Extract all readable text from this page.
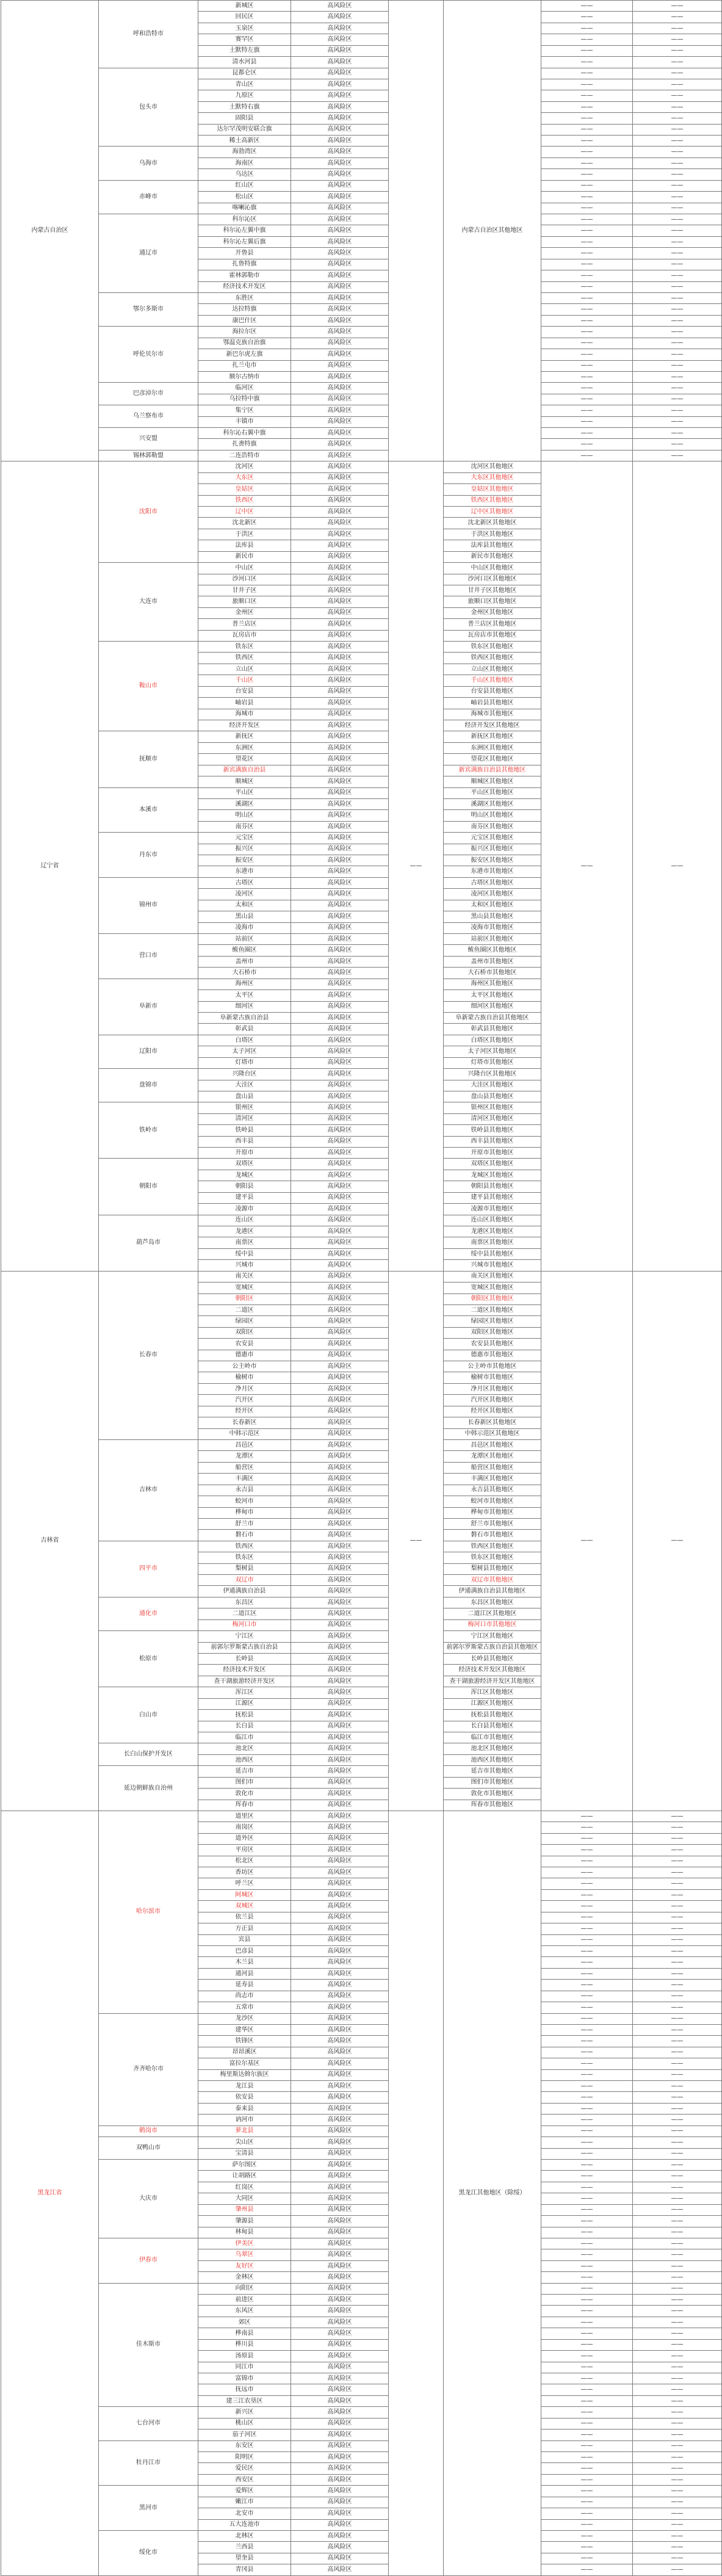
内蒙古自治区	呼和浩特市	新城区	高风险区		内蒙古自治区其他地区	——	——
		回民区	高风险区			——	——
		玉泉区	高风险区			——	——
		赛罕区	高风险区			——	——
		土默特左旗	高风险区			——	——
		清水河县	高风险区			——	——
	包头市	昆都仑区	高风险区			——	——
		青山区	高风险区			——	——
		九原区	高风险区			——	——
		土默特右旗	高风险区			——	——
		固阳县	高风险区			——	——
		达尔罕茂明安联合旗	高风险区			——	——
		稀土高新区	高风险区			——	——
	乌海市	海勃湾区	高风险区			——	——
		海南区	高风险区			——	——
		乌达区	高风险区			——	——
	赤峰市	红山区	高风险区			——	——
		松山区	高风险区			——	——
		喀喇沁旗	高风险区			——	——
	通辽市	科尔沁区	高风险区			——	——
		科尔沁左翼中旗	高风险区			——	——
		科尔沁左翼后旗	高风险区			——	——
		开鲁县	高风险区			——	——
		扎鲁特旗	高风险区			——	——
		霍林郭勒市	高风险区			——	——
		经济技术开发区	高风险区			——	——
	鄂尔多斯市	东胜区	高风险区			——	——
		达拉特旗	高风险区			——	——
		康巴什区	高风险区			——	——
	呼伦贝尔市	海拉尔区	高风险区			——	——
		鄂温克族自治旗	高风险区			——	——
		新巴尔虎左旗	高风险区			——	——
		扎兰屯市	高风险区			——	——
		额尔古纳市	高风险区			——	——
	巴彦淖尔市	临河区	高风险区			——	——
		乌拉特中旗	高风险区			——	——
	乌兰察布市	集宁区	高风险区			——	——
		丰镇市	高风险区			——	——
	兴安盟	科尔沁右翼中旗	高风险区			——	——
		扎赉特旗	高风险区			——	——
	锡林郭勒盟	二连浩特市	高风险区			——	——
辽宁省	沈阳市	沈河区	高风险区	——	沈河区其他地区	——	——
		大东区	高风险区		大东区其他地区		
		皇姑区	高风险区		皇姑区其他地区		
		铁西区	高风险区		铁西区其他地区		
		辽中区	高风险区		辽中区其他地区		
		沈北新区	高风险区		沈北新区其他地区		
		于洪区	高风险区		于洪区其他地区		
		法库县	高风险区		法库县其他地区		
		新民市	高风险区		新民市其他地区		
	大连市	中山区	高风险区		中山区其他地区		
		沙河口区	高风险区		沙河口区其他地区		
		甘井子区	高风险区		甘井子区其他地区		
		旅顺口区	高风险区		旅顺口区其他地区		
		金州区	高风险区		金州区其他地区		
		普兰店区	高风险区		普兰店区其他地区		
		瓦房店市	高风险区		瓦房店市其他地区		
	鞍山市	铁东区	高风险区		铁东区其他地区		
		铁西区	高风险区		铁西区其他地区		
		立山区	高风险区		立山区其他地区		
		千山区	高风险区		千山区其他地区		
		台安县	高风险区		台安县其他地区		
		岫岩县	高风险区		岫岩县其他地区		
		海城市	高风险区		海城市其他地区		
		经济开发区	高风险区		经济开发区其他地区		
	抚顺市	新抚区	高风险区		新抚区其他地区		
		东洲区	高风险区		东洲区其他地区		
		望花区	高风险区		望花区其他地区		
		新宾满族自治县	高风险区		新宾满族自治县其他地区		
		顺城区	高风险区		顺城区其他地区		
	本溪市	平山区	高风险区		平山区其他地区		
		溪湖区	高风险区		溪湖区其他地区		
		明山区	高风险区		明山区其他地区		
		南芬区	高风险区		南芬区其他地区		
	丹东市	元宝区	高风险区		元宝区其他地区		
		振兴区	高风险区		振兴区其他地区		
		振安区	高风险区		振安区其他地区		
		东港市	高风险区		东港市其他地区		
	锦州市	古塔区	高风险区		古塔区其他地区		
		凌河区	高风险区		凌河区其他地区		
		太和区	高风险区		太和区其他地区		
		黑山县	高风险区		黑山县其他地区		
		凌海市	高风险区		凌海市其他地区		
	营口市	站前区	高风险区		站前区其他地区		
		鲅鱼圈区	高风险区		鲅鱼圈区其他地区		
		盖州市	高风险区		盖州市其他地区		
		大石桥市	高风险区		大石桥市其他地区		
	阜新市	海州区	高风险区		海州区其他地区		
		太平区	高风险区		太平区其他地区		
		细河区	高风险区		细河区其他地区		
		阜新蒙古族自治县	高风险区		阜新蒙古族自治县其他地区		
		彰武县	高风险区		彰武县其他地区		
	辽阳市	白塔区	高风险区		白塔区其他地区		
		太子河区	高风险区		太子河区其他地区		
		灯塔市	高风险区		灯塔市其他地区		
	盘锦市	兴隆台区	高风险区		兴隆台区其他地区		
		大洼区	高风险区		大洼区其他地区		
		盘山县	高风险区		盘山县其他地区		
	铁岭市	银州区	高风险区		银州区其他地区		
		清河区	高风险区		清河区其他地区		
		铁岭县	高风险区		铁岭县其他地区		
		西丰县	高风险区		西丰县其他地区		
		开原市	高风险区		开原市其他地区		
	朝阳市	双塔区	高风险区		双塔区其他地区		
		龙城区	高风险区		龙城区其他地区		
		朝阳县	高风险区		朝阳县其他地区		
		建平县	高风险区		建平县其他地区		
		凌源市	高风险区		凌源市其他地区		
	葫芦岛市	连山区	高风险区		连山区其他地区		
		龙港区	高风险区		龙港区其他地区		
		南票区	高风险区		南票区其他地区		
		绥中县	高风险区		绥中县其他地区		
		兴城市	高风险区		兴城市其他地区		
吉林省	长春市	南关区	高风险区	——	南关区其他地区	——	——
		宽城区	高风险区		宽城区其他地区		
		朝阳区	高风险区		朝阳区其他地区		
		二道区	高风险区		二道区其他地区		
		绿园区	高风险区		绿园区其他地区		
		双阳区	高风险区		双阳区其他地区		
		农安县	高风险区		农安县其他地区		
		德惠市	高风险区		德惠市其他地区		
		公主岭市	高风险区		公主岭市其他地区		
		榆树市	高风险区		榆树市其他地区		
		净月区	高风险区		净月区其他地区		
		汽开区	高风险区		汽开区其他地区		
		经开区	高风险区		经开区其他地区		
		长春新区	高风险区		长春新区其他地区		
		中韩示范区	高风险区		中韩示范区其他地区		
	吉林市	昌邑区	高风险区		昌邑区其他地区		
		龙潭区	高风险区		龙潭区其他地区		
		船营区	高风险区		船营区其他地区		
		丰满区	高风险区		丰满区其他地区		
		永吉县	高风险区		永吉县其他地区		
		蛟河市	高风险区		蛟河市其他地区		
		桦甸市	高风险区		桦甸市其他地区		
		舒兰市	高风险区		舒兰市其他地区		
		磐石市	高风险区		磐石市其他地区		
	四平市	铁西区	高风险区		铁西区其他地区		
		铁东区	高风险区		铁东区其他地区		
		梨树县	高风险区		梨树县其他地区		
		双辽市	高风险区		双辽市其他地区		
		伊通满族自治县	高风险区		伊通满族自治县其他地区		
	通化市	东昌区	高风险区		东昌区其他地区		
		二道江区	高风险区		二道江区其他地区		
		梅河口市	高风险区		梅河口市其他地区		
	松原市	宁江区	高风险区		宁江区其他地区		
		前郭尔罗斯蒙古族自治县	高风险区		前郭尔罗斯蒙古族自治县其他地区		
		长岭县	高风险区		长岭县其他地区		
		经济技术开发区	高风险区		经济技术开发区其他地区		
		查干湖旅游经济开发区	高风险区		查干湖旅游经济开发区其他地区		
	白山市	浑江区	高风险区		浑江区其他地区		
		江源区	高风险区		江源区其他地区		
		抚松县	高风险区		抚松县其他地区		
		长白县	高风险区		长白县其他地区		
		临江市	高风险区		临江市其他地区		
	长白山保护开发区	池北区	高风险区		池北区其他地区		
		池西区	高风险区		池西区其他地区		
	延边朝鲜族自治州	延吉市	高风险区		延吉市其他地区		
		图们市	高风险区		图们市其他地区		
		敦化市	高风险区		敦化市其他地区		
		珲春市	高风险区		珲春市其他地区		
黑龙江省	哈尔滨市	道里区	高风险区		黑龙江其他地区（除绥）	——	——
		南岗区	高风险区			——	——
		道外区	高风险区			——	——
		平房区	高风险区			——	——
		松北区	高风险区			——	——
		香坊区	高风险区			——	——
		呼兰区	高风险区			——	——
		阿城区	高风险区			——	——
		双城区	高风险区			——	——
		依兰县	高风险区			——	——
		方正县	高风险区			——	——
		宾县	高风险区			——	——
		巴彦县	高风险区			——	——
		木兰县	高风险区			——	——
		通河县	高风险区			——	——
		延寿县	高风险区			——	——
		尚志市	高风险区			——	——
		五常市	高风险区			——	——
	齐齐哈尔市	龙沙区	高风险区			——	——
		建华区	高风险区			——	——
		铁锋区	高风险区			——	——
		昂昂溪区	高风险区			——	——
		富拉尔基区	高风险区			——	——
		梅里斯达斡尔族区	高风险区			——	——
		龙江县	高风险区			——	——
		依安县	高风险区			——	——
		泰来县	高风险区			——	——
		讷河市	高风险区			——	——
	鹤岗市	萝北县	高风险区			——	——
	双鸭山市	尖山区	高风险区			——	——
		宝清县	高风险区			——	——
	大庆市	萨尔图区	高风险区			——	——
		让胡路区	高风险区			——	——
		红岗区	高风险区			——	——
		大同区	高风险区			——	——
		肇州县	高风险区			——	——
		肇源县	高风险区			——	——
		林甸县	高风险区			——	——
	伊春市	伊美区	高风险区			——	——
		乌翠区	高风险区			——	——
		友好区	高风险区			——	——
		金林区	高风险区			——	——
	佳木斯市	向阳区	高风险区			——	——
		前进区	高风险区			——	——
		东风区	高风险区			——	——
		郊区	高风险区			——	——
		桦南县	高风险区			——	——
		桦川县	高风险区			——	——
		汤原县	高风险区			——	——
		同江市	高风险区			——	——
		富锦市	高风险区			——	——
		抚远市	高风险区			——	——
		建三江农垦区	高风险区			——	——
	七台河市	新兴区	高风险区			——	——
		桃山区	高风险区			——	——
		茄子河区	高风险区			——	——
	牡丹江市	东安区	高风险区			——	——
		阳明区	高风险区			——	——
		爱民区	高风险区			——	——
		西安区	高风险区			——	——
	黑河市	爱辉区	高风险区			——	——
		嫩江市	高风险区			——	——
		北安市	高风险区			——	——
		五大连池市	高风险区			——	——
	绥化市	北林区	高风险区			——	——
		兰西县	高风险区			——	——
		望奎县	高风险区			——	——
		青冈县	高风险区			——	——
